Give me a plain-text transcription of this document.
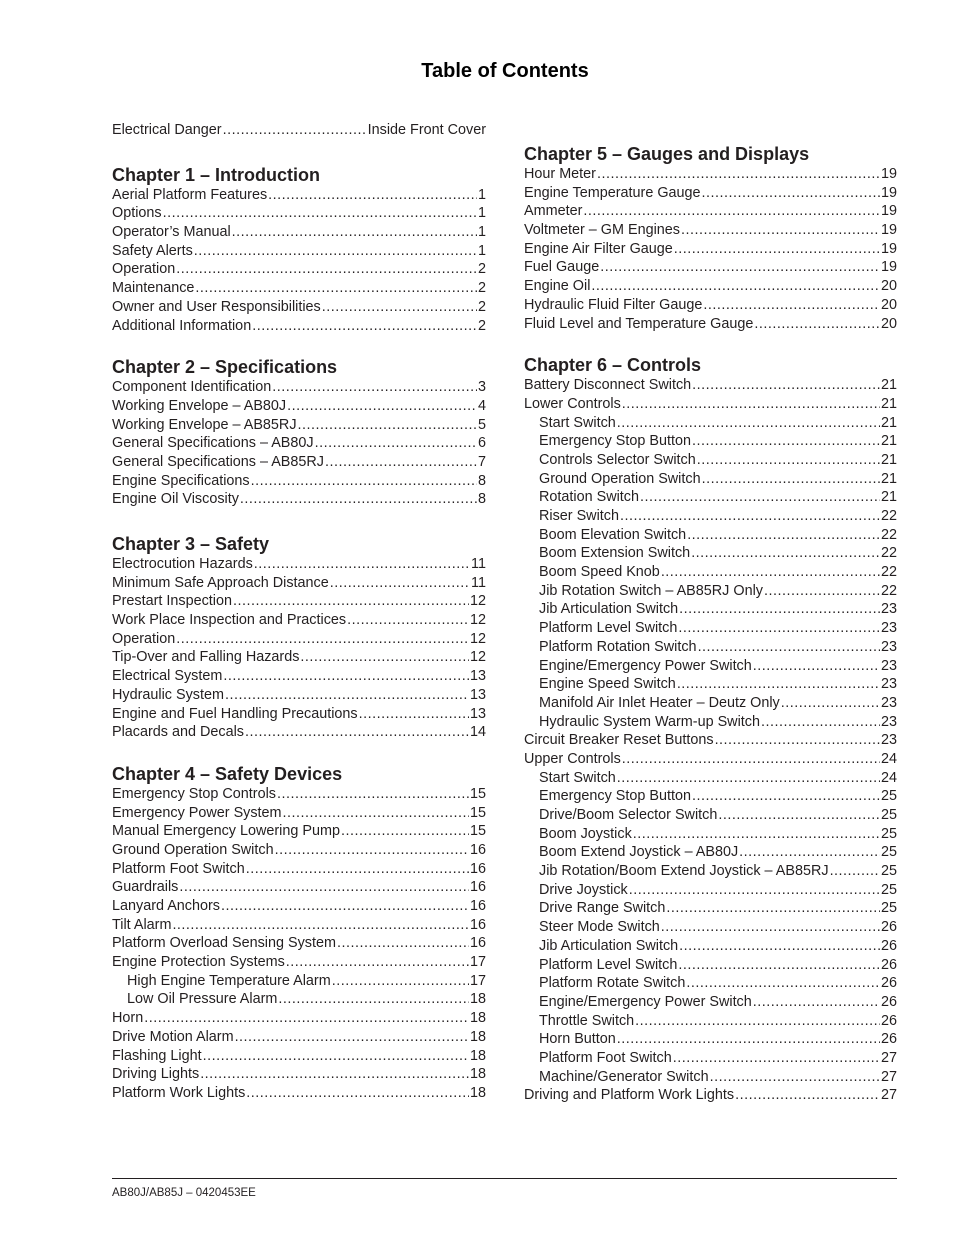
Table of Contents
Electrical Danger .....	Inside Front Cover
Chapter 1 – Introduction
Aerial Platform Features .....	1
Options .....	1
Operator’s Manual .....	1
Safety Alerts .....	1
Operation .....	2
Maintenance .....	2
Owner and User Responsibilities .....	2
Additional Information .....	2
Chapter 2 – Specifications
Component Identification .....	3
Working Envelope – AB80J .....	4
Working Envelope – AB85RJ .....	5
General Specifications – AB80J .....	6
General Specifications – AB85RJ .....	7
Engine Specifications .....	8
Engine Oil Viscosity .....	8
Chapter 3 – Safety
Electrocution Hazards .....	11
Minimum Safe Approach Distance .....	11
Prestart Inspection .....	12
Work Place Inspection and Practices .....	12
Operation .....	12
Tip-Over and Falling Hazards .....	12
Electrical System .....	13
Hydraulic System .....	13
Engine and Fuel Handling Precautions .....	13
Placards and Decals .....	14
Chapter 4 – Safety Devices
Emergency Stop Controls .....	15
Emergency Power System .....	15
Manual Emergency Lowering Pump .....	15
Ground Operation Switch .....	16
Platform Foot Switch .....	16
Guardrails .....	16
Lanyard Anchors .....	16
Tilt Alarm .....	16
Platform Overload Sensing System .....	16
Engine Protection Systems .....	17
High Engine Temperature Alarm .....	17
Low Oil Pressure Alarm .....	18
Horn .....	18
Drive Motion Alarm .....	18
Flashing Light .....	18
Driving Lights .....	18
Platform Work Lights .....	18
Chapter 5 – Gauges and Displays
Hour Meter .....	19
Engine Temperature Gauge .....	19
Ammeter .....	19
Voltmeter – GM Engines .....	19
Engine Air Filter Gauge .....	19
Fuel Gauge .....	19
Engine Oil .....	20
Hydraulic Fluid Filter Gauge .....	20
Fluid Level and Temperature Gauge .....	20
Chapter 6 – Controls
Battery Disconnect Switch .....	21
Lower Controls .....	21
Start Switch .....	21
Emergency Stop Button .....	21
Controls Selector Switch .....	21
Ground Operation Switch .....	21
Rotation Switch .....	21
Riser Switch .....	22
Boom Elevation Switch .....	22
Boom Extension Switch .....	22
Boom Speed Knob .....	22
Jib Rotation Switch – AB85RJ Only .....	22
Jib Articulation Switch .....	23
Platform Level Switch .....	23
Platform Rotation Switch .....	23
Engine/Emergency Power Switch .....	23
Engine Speed Switch .....	23
Manifold Air Inlet Heater – Deutz Only .....	23
Hydraulic System Warm-up Switch .....	23
Circuit Breaker Reset Buttons .....	23
Upper Controls .....	24
Start Switch .....	24
Emergency Stop Button .....	25
Drive/Boom Selector Switch .....	25
Boom Joystick .....	25
Boom Extend Joystick – AB80J .....	25
Jib Rotation/Boom Extend Joystick – AB85RJ .....	25
Drive Joystick .....	25
Drive Range Switch .....	25
Steer Mode Switch .....	26
Jib Articulation Switch .....	26
Platform Level Switch .....	26
Platform Rotate Switch .....	26
Engine/Emergency Power Switch .....	26
Throttle Switch .....	26
Horn Button .....	26
Platform Foot Switch .....	27
Machine/Generator Switch .....	27
Driving and Platform Work Lights .....	27
AB80J/AB85J – 0420453EE
